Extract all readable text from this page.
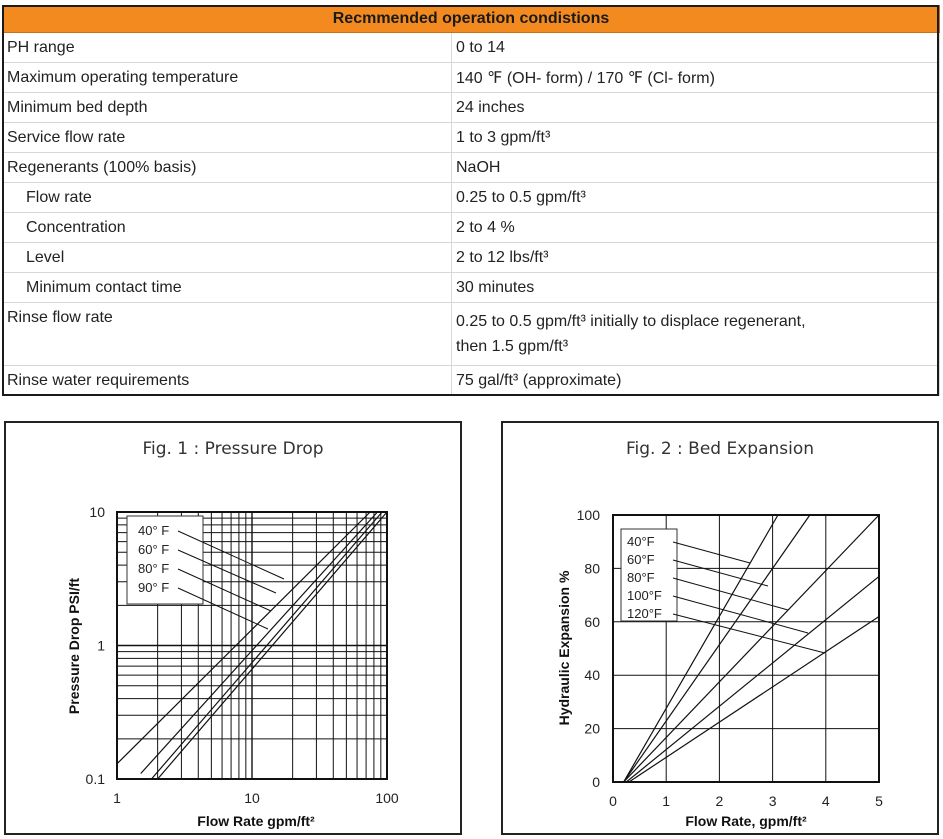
Recmmended operation condistions	
PH range	0 to 14
Maximum operating temperature	140 ℉ (OH- form) / 170 ℉ (Cl- form)
Minimum bed depth	24 inches
Service flow rate	1 to 3 gpm/ft³
Regenerants (100% basis)	NaOH
Flow rate	0.25 to 0.5 gpm/ft³
Concentration	2 to 4 %
Level	2 to 12 lbs/ft³
Minimum contact time	30 minutes
Rinse flow rate	0.25 to 0.5 gpm/ft³ initially to displace regenerant,
then 1.5 gpm/ft³

Rinse water requirements	75 gal/ft³ (approximate)
Fig. 1 : Pressure Drop
1	10	100
0.1
1
10
40° F
60° F
80° F
90° F
Flow Rate gpm/ft²
Pressure Drop PSI/ft
Fig. 2 : Bed Expansion
0	1	2	3	4	5
0
20
40
60
80
100
40°F
60°F
80°F
100°F
120°F
Flow Rate, gpm/ft²
Hydraulic Expansion %
